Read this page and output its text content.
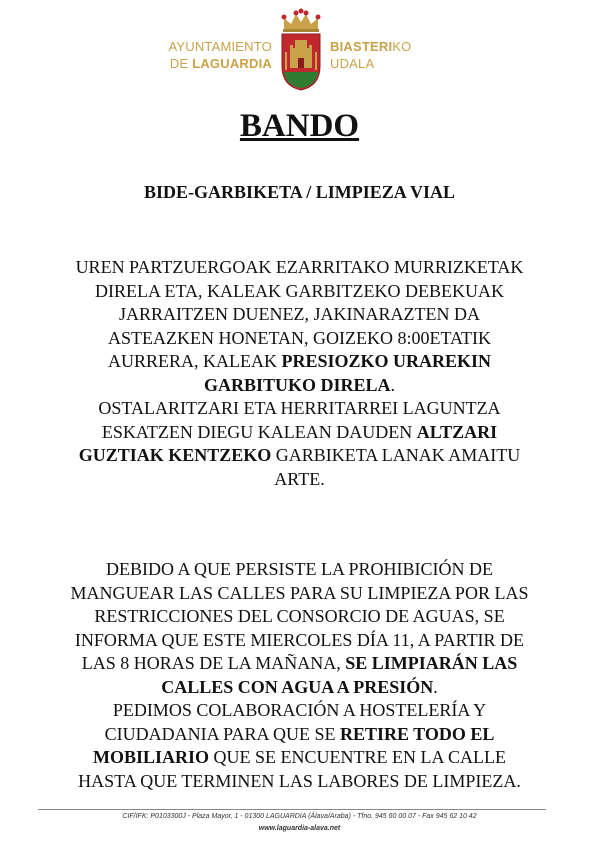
AYUNTAMIENTO
DE LAGUARDIA
BIASTERIKO
UDALA
BANDO
BIDE-GARBIKETA / LIMPIEZA VIAL
UREN PARTZUERGOAK EZARRITAKO MURRIZKETAK
DIRELA ETA, KALEAK GARBITZEKO DEBEKUAK
JARRAITZEN DUENEZ, JAKINARAZTEN DA
ASTEAZKEN HONETAN, GOIZEKO 8:00ETATIK
AURRERA, KALEAK PRESIOZKO URAREKIN
GARBITUKO DIRELA.
OSTALARITZARI ETA HERRITARREI LAGUNTZA
ESKATZEN DIEGU KALEAN DAUDEN ALTZARI
GUZTIAK KENTZEKO GARBIKETA LANAK AMAITU
ARTE.
DEBIDO A QUE PERSISTE LA PROHIBICIÓN DE
MANGUEAR LAS CALLES PARA SU LIMPIEZA POR LAS
RESTRICCIONES DEL CONSORCIO DE AGUAS, SE
INFORMA QUE ESTE MIERCOLES DÍA 11, A PARTIR DE
LAS 8 HORAS DE LA MAÑANA, SE LIMPIARÁN LAS
CALLES CON AGUA A PRESIÓN.
PEDIMOS COLABORACIÓN A HOSTELERÍA Y
CIUDADANIA PARA QUE SE RETIRE TODO EL
MOBILIARIO QUE SE ENCUENTRE EN LA CALLE
HASTA QUE TERMINEN LAS LABORES DE LIMPIEZA.
CIF/IFK: P0103300J - Plaza Mayor, 1 - 01300 LAGUARDIA (Álava/Araba) - Tfno. 945 60 00 07 - Fax 945 62 10 42
www.laguardia-alava.net
